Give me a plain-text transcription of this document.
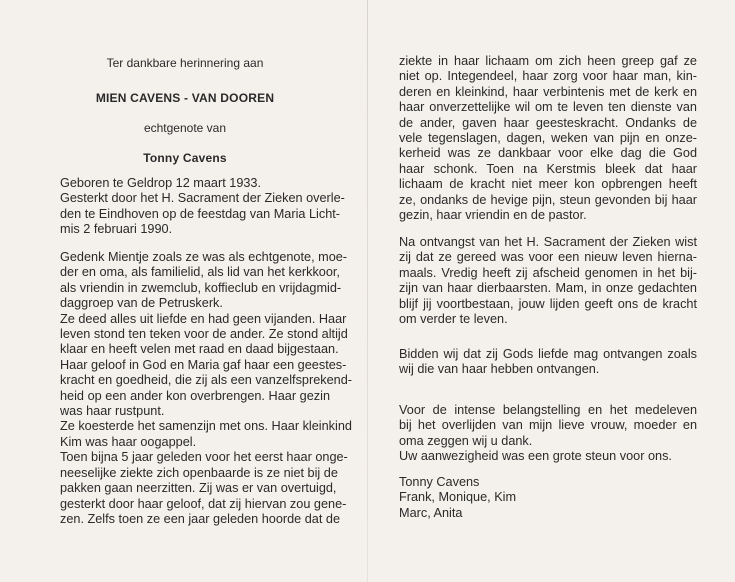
Ter dankbare herinnering aan
MIEN CAVENS - VAN DOOREN
echtgenote van
Tonny Cavens
Geboren te Geldrop 12 maart 1933.
Gesterkt door het H. Sacrament der Zieken overle-
den te Eindhoven op de feestdag van Maria Licht-
mis 2 februari 1990.
Gedenk Mientje zoals ze was als echtgenote, moe-
der en oma, als familielid, als lid van het kerkkoor,
als vriendin in zwemclub, koffieclub en vrijdagmid-
daggroep van de Petruskerk.
Ze deed alles uit liefde en had geen vijanden. Haar
leven stond ten teken voor de ander. Ze stond altijd
klaar en heeft velen met raad en daad bijgestaan.
Haar geloof in God en Maria gaf haar een geestes-
kracht en goedheid, die zij als een vanzelfsprekend-
heid op een ander kon overbrengen. Haar gezin
was haar rustpunt.
Ze koesterde het samenzijn met ons. Haar kleinkind
Kim was haar oogappel.
Toen bijna 5 jaar geleden voor het eerst haar onge-
neeselijke ziekte zich openbaarde is ze niet bij de
pakken gaan neerzitten. Zij was er van overtuigd,
gesterkt door haar geloof, dat zij hiervan zou gene-
zen. Zelfs toen ze een jaar geleden hoorde dat de
ziekte in haar lichaam om zich heen greep gaf ze
niet op. Integendeel, haar zorg voor haar man, kin-
deren en kleinkind, haar verbintenis met de kerk en
haar onverzettelijke wil om te leven ten dienste van
de ander, gaven haar geesteskracht. Ondanks de
vele tegenslagen, dagen, weken van pijn en onze-
kerheid was ze dankbaar voor elke dag die God
haar schonk. Toen na Kerstmis bleek dat haar
lichaam de kracht niet meer kon opbrengen heeft
ze, ondanks de hevige pijn, steun gevonden bij haar
gezin, haar vriendin en de pastor.
Na ontvangst van het H. Sacrament der Zieken wist
zij dat ze gereed was voor een nieuw leven hierna-
maals. Vredig heeft zij afscheid genomen in het bij-
zijn van haar dierbaarsten. Mam, in onze gedachten
blijf jij voortbestaan, jouw lijden geeft ons de kracht
om verder te leven.
Bidden wij dat zij Gods liefde mag ontvangen zoals
wij die van haar hebben ontvangen.
Voor de intense belangstelling en het medeleven
bij het overlijden van mijn lieve vrouw, moeder en
oma zeggen wij u dank.
Uw aanwezigheid was een grote steun voor ons.
Tonny Cavens
Frank, Monique, Kim
Marc, Anita
